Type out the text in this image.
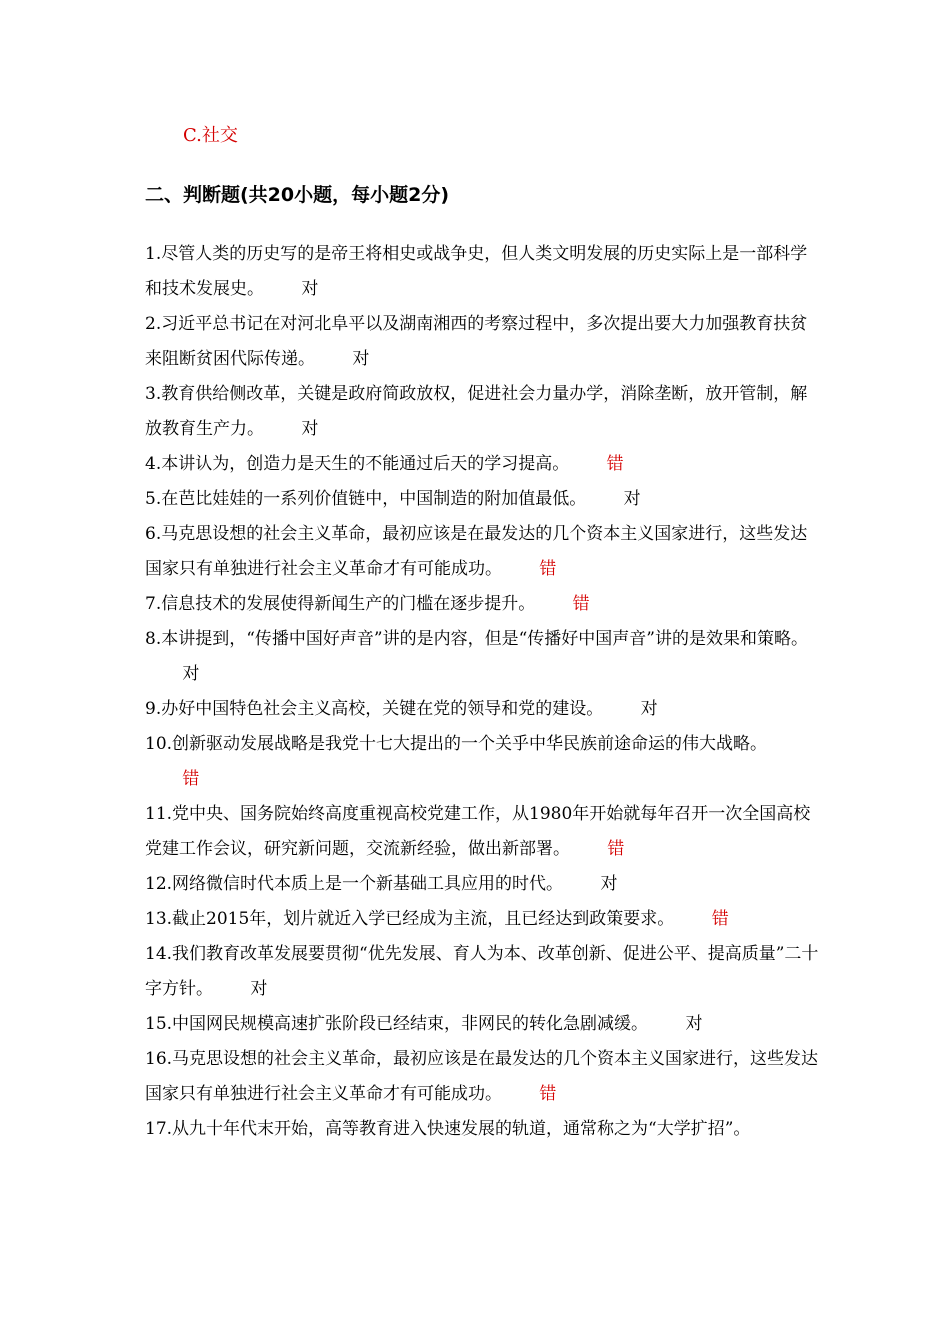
C.社交
二、判断题(共20小题，每小题2分)
1.尽管人类的历史写的是帝王将相史或战争史，但人类文明发展的历史实际上是一部科学和技术发展史。 对
2.习近平总书记在对河北阜平以及湖南湘西的考察过程中，多次提出要大力加强教育扶贫来阻断贫困代际传递。 对
3.教育供给侧改革，关键是政府简政放权，促进社会力量办学，消除垄断，放开管制，解放教育生产力。 对
4.本讲认为，创造力是天生的不能通过后天的学习提高。 错
5.在芭比娃娃的一系列价值链中，中国制造的附加值最低。 对
6.马克思设想的社会主义革命，最初应该是在最发达的几个资本主义国家进行，这些发达国家只有单独进行社会主义革命才有可能成功。 错
7.信息技术的发展使得新闻生产的门槛在逐步提升。 错
8.本讲提到，“传播中国好声音”讲的是内容，但是“传播好中国声音”讲的是效果和策略。对
9.办好中国特色社会主义高校，关键在党的领导和党的建设。 对
10.创新驱动发展战略是我党十七大提出的一个关乎中华民族前途命运的伟大战略。错
11.党中央、国务院始终高度重视高校党建工作，从1980年开始就每年召开一次全国高校党建工作会议，研究新问题，交流新经验，做出新部署。 错
12.网络微信时代本质上是一个新基础工具应用的时代。 对
13.截止2015年，划片就近入学已经成为主流，且已经达到政策要求。 错
14.我们教育改革发展要贯彻“优先发展、育人为本、改革创新、促进公平、提高质量”二十字方针。 对
15.中国网民规模高速扩张阶段已经结束，非网民的转化急剧减缓。 对
16.马克思设想的社会主义革命，最初应该是在最发达的几个资本主义国家进行，这些发达国家只有单独进行社会主义革命才有可能成功。 错
17.从九十年代末开始，高等教育进入快速发展的轨道，通常称之为“大学扩招”。
